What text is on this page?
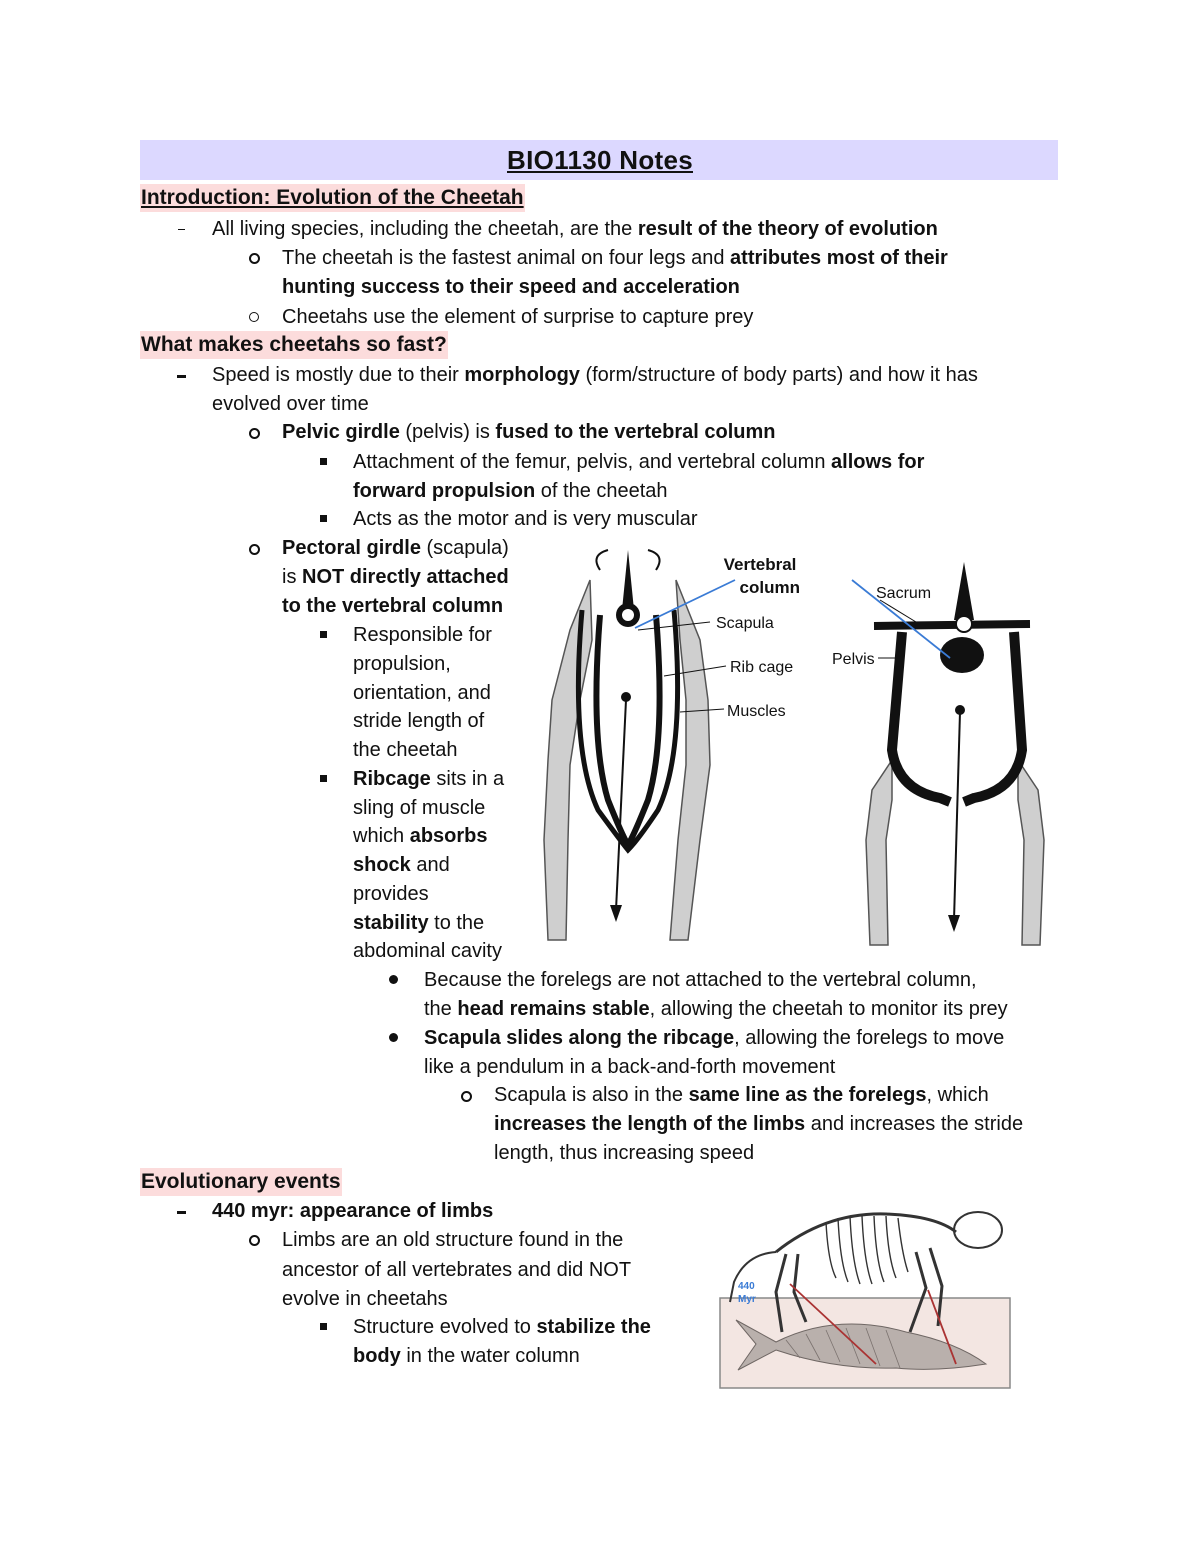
BIO1130 Notes
Introduction: Evolution of the Cheetah
All living species, including the cheetah, are the result of the theory of evolution
The cheetah is the fastest animal on four legs and attributes most of their
hunting success to their speed and acceleration
Cheetahs use the element of surprise to capture prey
What makes cheetahs so fast?
Speed is mostly due to their morphology (form/structure of body parts) and how it has
evolved over time
Pelvic girdle (pelvis) is fused to the vertebral column
Attachment of the femur, pelvis, and vertebral column allows for
forward propulsion of the cheetah
Acts as the motor and is very muscular
Pectoral girdle (scapula)
is NOT directly attached
to the vertebral column
Responsible for
propulsion,
orientation, and
stride length of
the cheetah
Ribcage sits in a
sling of muscle
which absorbs
shock and
provides
stability to the
abdominal cavity
Because the forelegs are not attached to the vertebral column,
the head remains stable, allowing the cheetah to monitor its prey
Scapula slides along the ribcage, allowing the forelegs to move
like a pendulum in a back-and-forth movement
Scapula is also in the same line as the forelegs, which
increases the length of the limbs and increases the stride
length, thus increasing speed
Vertebral
column
Scapula
Rib cage
Muscles
Sacrum
Pelvis
Evolutionary events
440 myr: appearance of limbs
Limbs are an old structure found in the
ancestor of all vertebrates and did NOT
evolve in cheetahs
Structure evolved to stabilize the
body in the water column
440
Myr
